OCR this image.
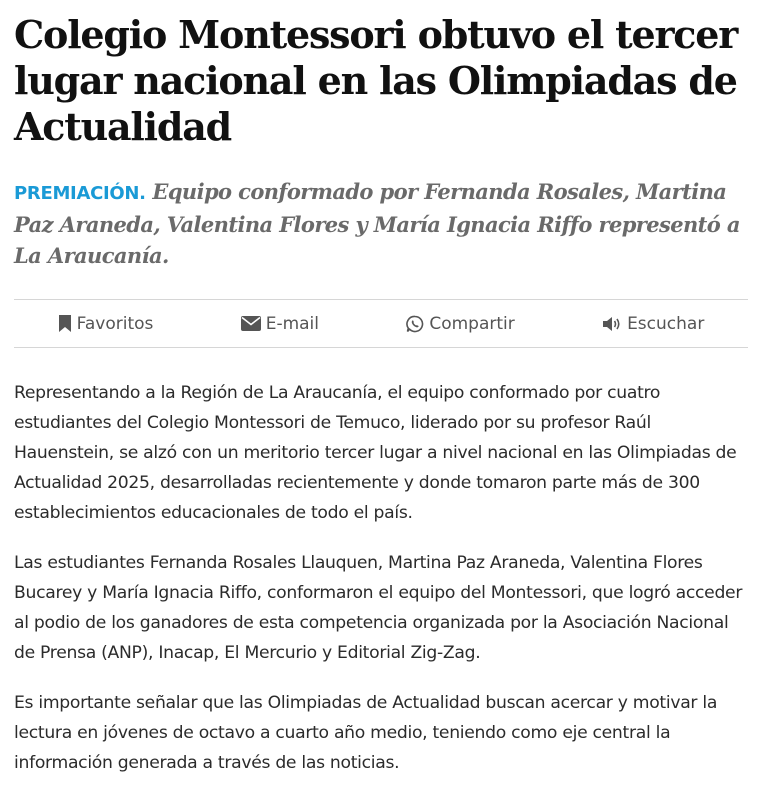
Colegio Montessori obtuvo el tercer lugar nacional en las Olimpiadas de Actualidad

PREMIACIÓN. Equipo conformado por Fernanda Rosales, Martina Paz Araneda, Valentina Flores y María Ignacia Riffo representó a La Araucanía.

Favoritos	E-mail	Compartir	Escuchar

Representando a la Región de La Araucanía, el equipo conformado por cuatro estudiantes del Colegio Montessori de Temuco, liderado por su profesor Raúl Hauenstein, se alzó con un meritorio tercer lugar a nivel nacional en las Olimpiadas de Actualidad 2025, desarrolladas recientemente y donde tomaron parte más de 300 establecimientos educacionales de todo el país.

Las estudiantes Fernanda Rosales Llauquen, Martina Paz Araneda, Valentina Flores Bucarey y María Ignacia Riffo, conformaron el equipo del Montessori, que logró acceder al podio de los ganadores de esta competencia organizada por la Asociación Nacional de Prensa (ANP), Inacap, El Mercurio y Editorial Zig-Zag.

Es importante señalar que las Olimpiadas de Actualidad buscan acercar y motivar la lectura en jóvenes de octavo a cuarto año medio, teniendo como eje central la información generada a través de las noticias.
